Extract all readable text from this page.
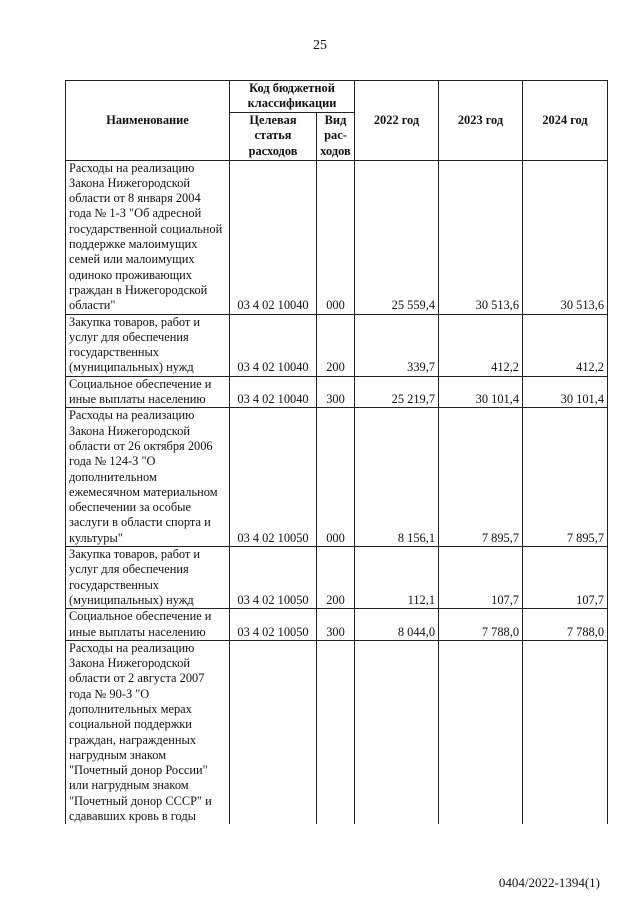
25
Наименование	Код бюджетной классификации		2022 год	2023 год	2024 год
	Целевая статья расходов	Вид рас-ходов			
Расходы на реализацию Закона Нижегородской области от 8 января 2004 года № 1-З "Об адресной государственной социальной поддержке малоимущих семей или малоимущих одиноко проживающих граждан в Нижегородской области"	03 4 02 10040	000	25 559,4	30 513,6	30 513,6
Закупка товаров, работ и услуг для обеспечения государственных (муниципальных) нужд	03 4 02 10040	200	339,7	412,2	412,2
Социальное обеспечение и иные выплаты населению	03 4 02 10040	300	25 219,7	30 101,4	30 101,4
Расходы на реализацию Закона Нижегородской области от 26 октября 2006 года № 124-З "О дополнительном ежемесячном материальном обеспечении за особые заслуги в области спорта и культуры"	03 4 02 10050	000	8 156,1	7 895,7	7 895,7
Закупка товаров, работ и услуг для обеспечения государственных (муниципальных) нужд	03 4 02 10050	200	112,1	107,7	107,7
Социальное обеспечение и иные выплаты населению	03 4 02 10050	300	8 044,0	7 788,0	7 788,0
Расходы на реализацию Закона Нижегородской области от 2 августа 2007 года № 90-З "О дополнительных мерах социальной поддержки граждан, награжденных нагрудным знаком "Почетный донор России" или нагрудным знаком "Почетный донор СССР" и сдававших кровь в годы					
0404/2022-1394(1)
